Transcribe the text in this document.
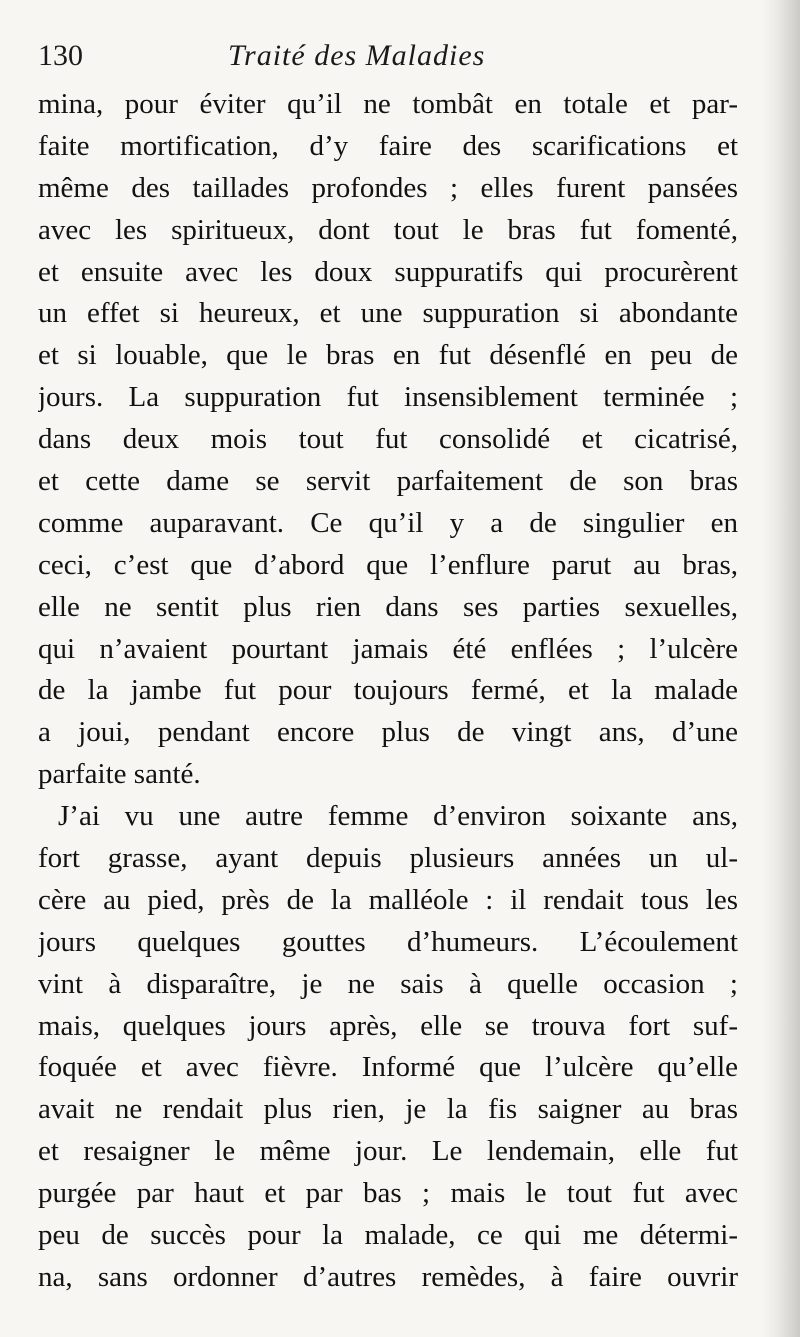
130	Traité des Maladies
mina, pour éviter qu’il ne tombât en totale et par-
faite mortification, d’y faire des scarifications et
même des taillades profondes ; elles furent pansées
avec les spiritueux, dont tout le bras fut fomenté,
et ensuite avec les doux suppuratifs qui procurèrent
un effet si heureux, et une suppuration si abondante
et si louable, que le bras en fut désenflé en peu de
jours. La suppuration fut insensiblement terminée ;
dans deux mois tout fut consolidé et cicatrisé,
et cette dame se servit parfaitement de son bras
comme auparavant. Ce qu’il y a de singulier en
ceci, c’est que d’abord que l’enflure parut au bras,
elle ne sentit plus rien dans ses parties sexuelles,
qui n’avaient pourtant jamais été enflées ; l’ulcère
de la jambe fut pour toujours fermé, et la malade
a joui, pendant encore plus de vingt ans, d’une
parfaite santé.
J’ai vu une autre femme d’environ soixante ans,
fort grasse, ayant depuis plusieurs années un ul-
cère au pied, près de la malléole : il rendait tous les
jours quelques gouttes d’humeurs. L’écoulement
vint à disparaître, je ne sais à quelle occasion ;
mais, quelques jours après, elle se trouva fort suf-
foquée et avec fièvre. Informé que l’ulcère qu’elle
avait ne rendait plus rien, je la fis saigner au bras
et resaigner le même jour. Le lendemain, elle fut
purgée par haut et par bas ; mais le tout fut avec
peu de succès pour la malade, ce qui me détermi-
na, sans ordonner d’autres remèdes, à faire ouvrir
